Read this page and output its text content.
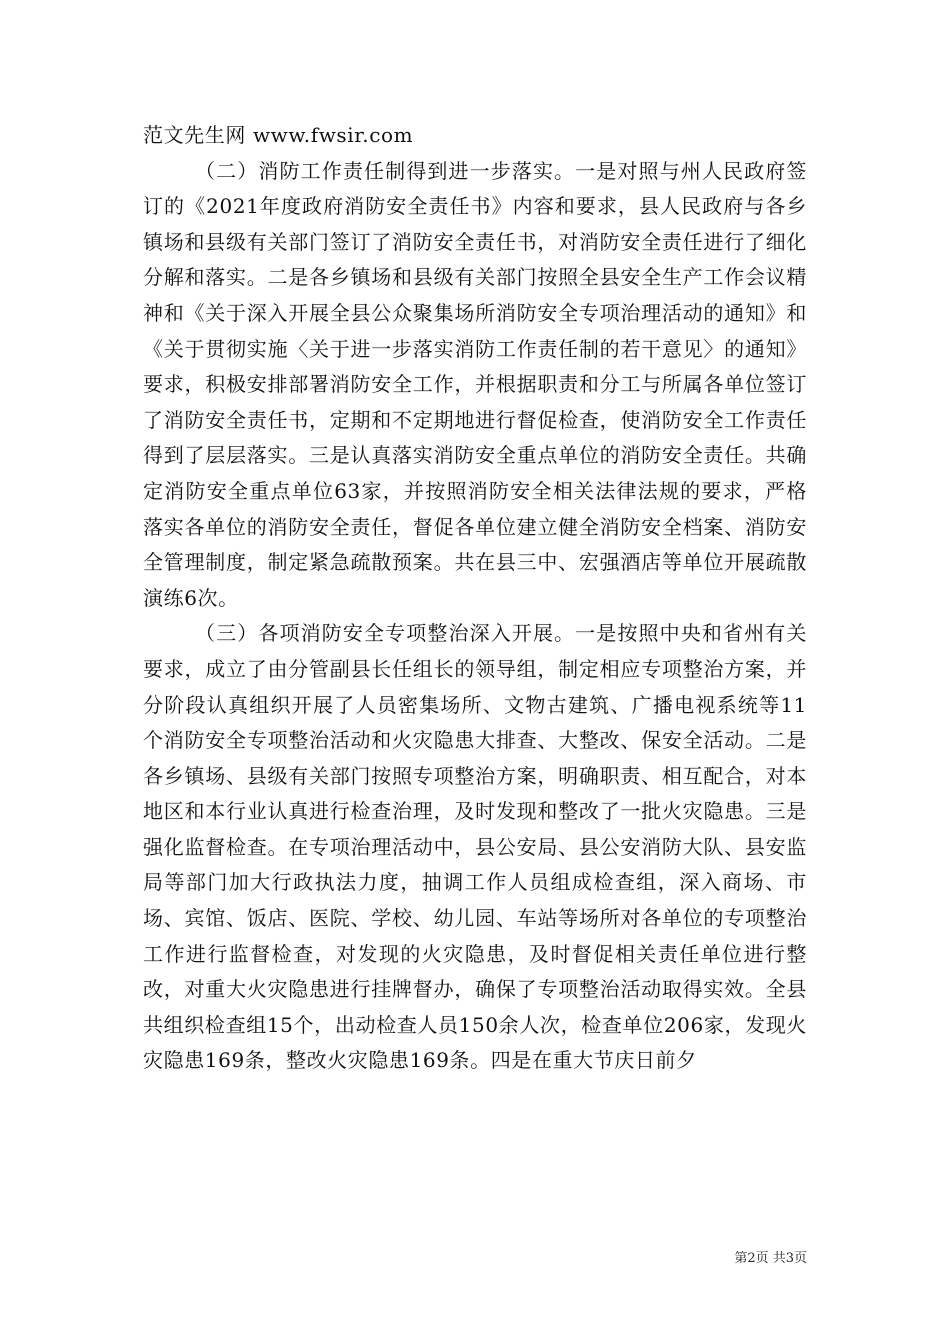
范文先生网 www.fwsir.com

（二）消防工作责任制得到进一步落实。一是对照与州人民政府签订的《2021年度政府消防安全责任书》内容和要求，县人民政府与各乡镇场和县级有关部门签订了消防安全责任书，对消防安全责任进行了细化分解和落实。二是各乡镇场和县级有关部门按照全县安全生产工作会议精神和《关于深入开展全县公众聚集场所消防安全专项治理活动的通知》和《关于贯彻实施〈关于进一步落实消防工作责任制的若干意见〉的通知》要求，积极安排部署消防安全工作，并根据职责和分工与所属各单位签订了消防安全责任书，定期和不定期地进行督促检查，使消防安全工作责任得到了层层落实。三是认真落实消防安全重点单位的消防安全责任。共确定消防安全重点单位63家，并按照消防安全相关法律法规的要求，严格落实各单位的消防安全责任，督促各单位建立健全消防安全档案、消防安全管理制度，制定紧急疏散预案。共在县三中、宏强酒店等单位开展疏散演练6次。

（三）各项消防安全专项整治深入开展。一是按照中央和省州有关要求，成立了由分管副县长任组长的领导组，制定相应专项整治方案，并分阶段认真组织开展了人员密集场所、文物古建筑、广播电视系统等11个消防安全专项整治活动和火灾隐患大排查、大整改、保安全活动。二是各乡镇场、县级有关部门按照专项整治方案，明确职责、相互配合，对本地区和本行业认真进行检查治理，及时发现和整改了一批火灾隐患。三是强化监督检查。在专项治理活动中，县公安局、县公安消防大队、县安监局等部门加大行政执法力度，抽调工作人员组成检查组，深入商场、市场、宾馆、饭店、医院、学校、幼儿园、车站等场所对各单位的专项整治工作进行监督检查，对发现的火灾隐患，及时督促相关责任单位进行整改，对重大火灾隐患进行挂牌督办，确保了专项整治活动取得实效。全县共组织检查组15个，出动检查人员150余人次，检查单位206家，发现火灾隐患169条，整改火灾隐患169条。四是在重大节庆日前夕

第2页 共3页
